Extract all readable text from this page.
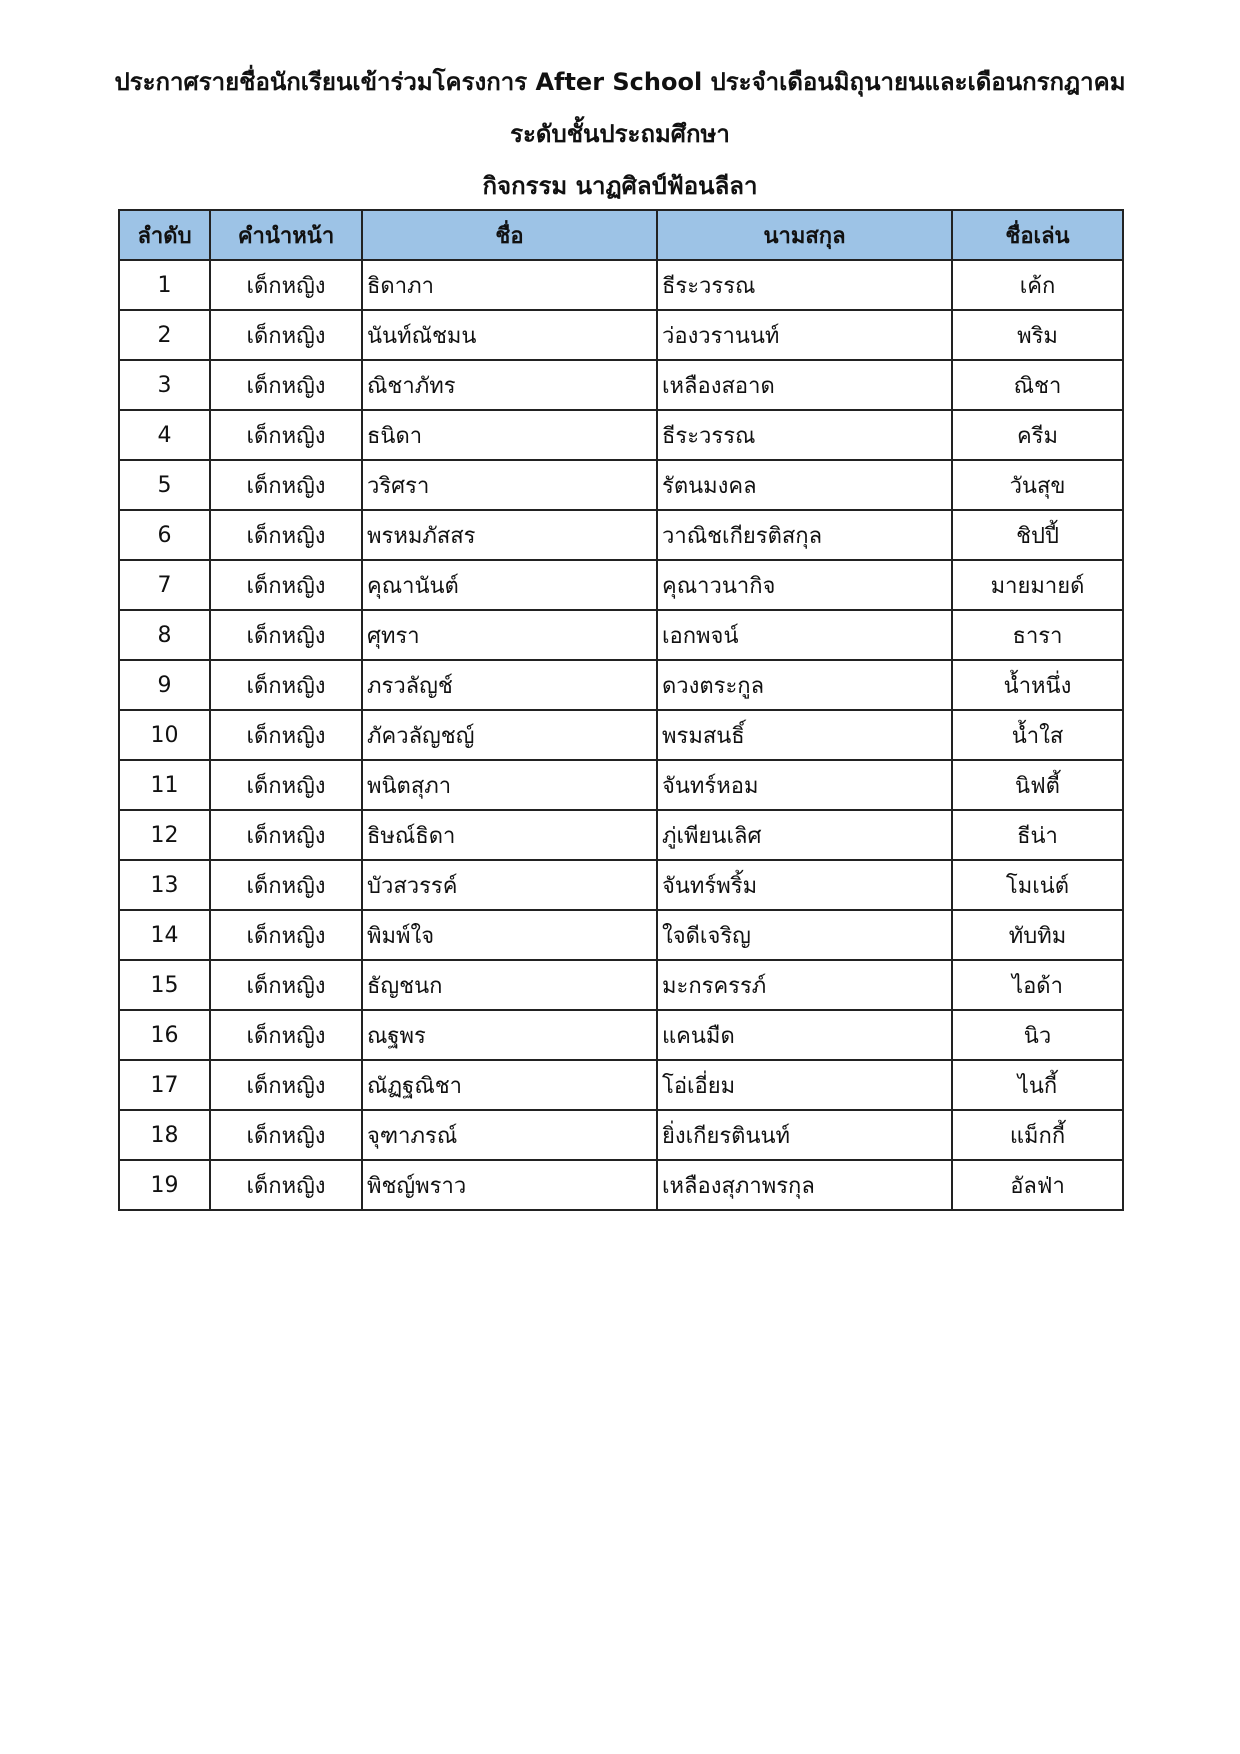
ประกาศรายชื่อนักเรียนเข้าร่วมโครงการ After School ประจำเดือนมิถุนายนและเดือนกรกฎาคม
ระดับชั้นประถมศึกษา
กิจกรรม นาฏศิลป์ฟ้อนลีลา
ลำดับ	คำนำหน้า	ชื่อ	นามสกุล	ชื่อเล่น
1	เด็กหญิง	ธิดาภา	ธีระวรรณ	เค้ก
2	เด็กหญิง	นันท์ณัชมน	ว่องวรานนท์	พริม
3	เด็กหญิง	ณิชาภัทร	เหลืองสอาด	ณิชา
4	เด็กหญิง	ธนิดา	ธีระวรรณ	ครีม
5	เด็กหญิง	วริศรา	รัตนมงคล	วันสุข
6	เด็กหญิง	พรหมภัสสร	วาณิชเกียรติสกุล	ชิปปี้
7	เด็กหญิง	คุณานันต์	คุณาวนากิจ	มายมายด์
8	เด็กหญิง	ศุทรา	เอกพจน์	ธารา
9	เด็กหญิง	ภรวลัญช์	ดวงตระกูล	น้ำหนึ่ง
10	เด็กหญิง	ภัควลัญชญ์	พรมสนธิ์	น้ำใส
11	เด็กหญิง	พนิตสุภา	จันทร์หอม	นิฟตี้
12	เด็กหญิง	ธิษณ์ธิดา	ภู่เพียนเลิศ	ธีน่า
13	เด็กหญิง	บัวสวรรค์	จันทร์พริ้ม	โมเน่ต์
14	เด็กหญิง	พิมพ์ใจ	ใจดีเจริญ	ทับทิม
15	เด็กหญิง	ธัญชนก	มะกรครรภ์	ไอด้า
16	เด็กหญิง	ณฐพร	แคนมืด	นิว
17	เด็กหญิง	ณัฏฐณิชา	โอ่เอี่ยม	ไนกี้
18	เด็กหญิง	จุฑาภรณ์	ยิ่งเกียรตินนท์	แม็กกี้
19	เด็กหญิง	พิชญ์พราว	เหลืองสุภาพรกุล	อัลฟ่า
